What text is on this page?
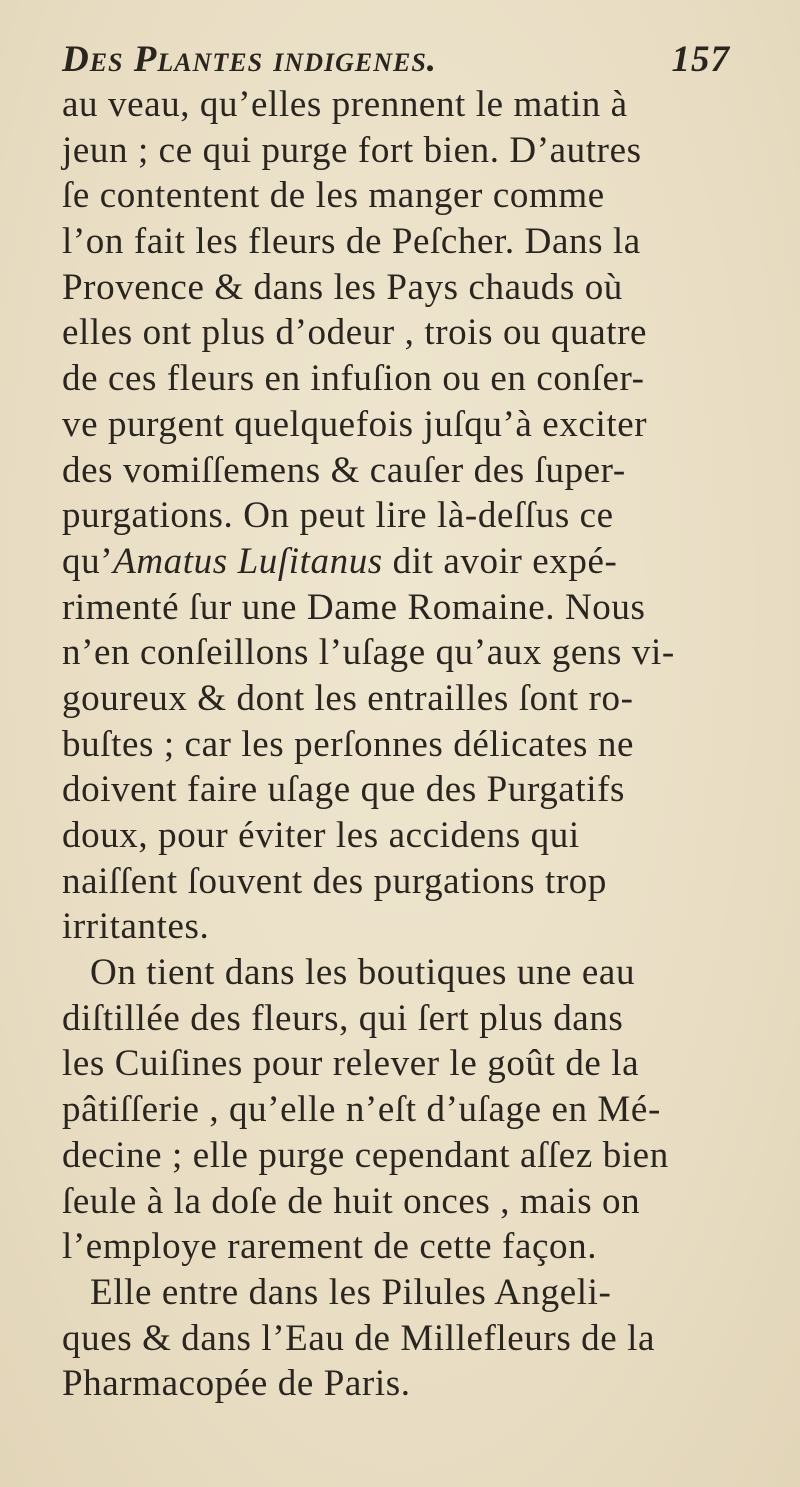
Des Plantes indigenes.	157
au veau, qu’elles prennent le matin à
jeun ; ce qui purge fort bien. D’autres
ſe contentent de les manger comme
l’on fait les fleurs de Peſcher. Dans la
Provence & dans les Pays chauds où
elles ont plus d’odeur , trois ou quatre
de ces fleurs en infuſion ou en conſer-
ve purgent quelquefois juſqu’à exciter
des vomiſſemens & cauſer des ſuper-
purgations. On peut lire là-deſſus ce
qu’Amatus Luſitanus dit avoir expé-
rimenté ſur une Dame Romaine. Nous
n’en conſeillons l’uſage qu’aux gens vi-
goureux & dont les entrailles ſont ro-
buſtes ; car les perſonnes délicates ne
doivent faire uſage que des Purgatifs
doux, pour éviter les accidens qui
naiſſent ſouvent des purgations trop
irritantes.
On tient dans les boutiques une eau
diſtillée des fleurs, qui ſert plus dans
les Cuiſines pour relever le goût de la
pâtiſſerie , qu’elle n’eſt d’uſage en Mé-
decine ; elle purge cependant aſſez bien
ſeule à la doſe de huit onces , mais on
l’employe rarement de cette façon.
Elle entre dans les Pilules Angeli-
ques & dans l’Eau de Millefleurs de la
Pharmacopée de Paris.
